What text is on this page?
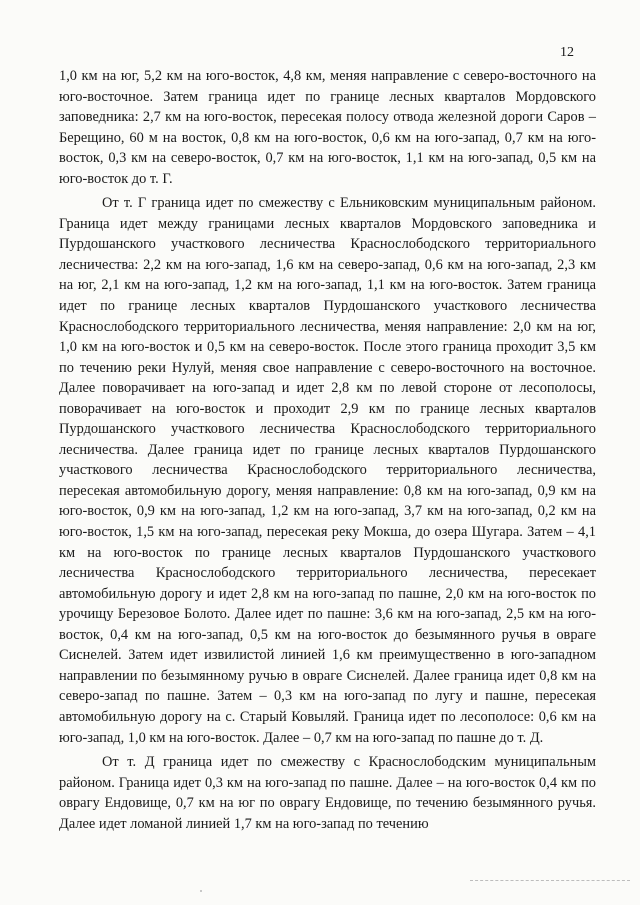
12

1,0 км на юг, 5,2 км на юго-восток, 4,8 км, меняя направление с северо-восточного на юго-восточное. Затем граница идет по границе лесных кварталов Мордовского заповедника: 2,7 км на юго-восток, пересекая полосу отвода железной дороги Саров – Берещино, 60 м на восток, 0,8 км на юго-восток, 0,6 км на юго-запад, 0,7 км на юго-восток, 0,3 км на северо-восток, 0,7 км на юго-восток, 1,1 км на юго-запад, 0,5 км на юго-восток до т. Г.

От т. Г граница идет по смежеству с Ельниковским муниципальным районом. Граница идет между границами лесных кварталов Мордовского заповедника и Пурдошанского участкового лесничества Краснослободского территориального лесничества: 2,2 км на юго-запад, 1,6 км на северо-запад, 0,6 км на юго-запад, 2,3 км на юг, 2,1 км на юго-запад, 1,2 км на юго-запад, 1,1 км на юго-восток. Затем граница идет по границе лесных кварталов Пурдошанского участкового лесничества Краснослободского территориального лесничества, меняя направление: 2,0 км на юг, 1,0 км на юго-восток и 0,5 км на северо-восток. После этого граница проходит 3,5 км по течению реки Нулуй, меняя свое направление с северо-восточного на восточное. Далее поворачивает на юго-запад и идет 2,8 км по левой стороне от лесополосы, поворачивает на юго-восток и проходит 2,9 км по границе лесных кварталов Пурдошанского участкового лесничества Краснослободского территориального лесничества. Далее граница идет по границе лесных кварталов Пурдошанского участкового лесничества Краснослободского территориального лесничества, пересекая автомобильную дорогу, меняя направление: 0,8 км на юго-запад, 0,9 км на юго-восток, 0,9 км на юго-запад, 1,2 км на юго-запад, 3,7 км на юго-запад, 0,2 км на юго-восток, 1,5 км на юго-запад, пересекая реку Мокша, до озера Шугара. Затем – 4,1 км на юго-восток по границе лесных кварталов Пурдошанского участкового лесничества Краснослободского территориального лесничества, пересекает автомобильную дорогу и идет 2,8 км на юго-запад по пашне, 2,0 км на юго-восток по урочищу Березовое Болото. Далее идет по пашне: 3,6 км на юго-запад, 2,5 км на юго-восток, 0,4 км на юго-запад, 0,5 км на юго-восток до безымянного ручья в овраге Сиснелей. Затем идет извилистой линией 1,6 км преимущественно в юго-западном направлении по безымянному ручью в овраге Сиснелей. Далее граница идет 0,8 км на северо-запад по пашне. Затем – 0,3 км на юго-запад по лугу и пашне, пересекая автомобильную дорогу на с. Старый Ковыляй. Граница идет по лесополосе: 0,6 км на юго-запад, 1,0 км на юго-восток. Далее – 0,7 км на юго-запад по пашне до т. Д.

От т. Д граница идет по смежеству с Краснослободским муниципальным районом. Граница идет 0,3 км на юго-запад по пашне. Далее – на юго-восток 0,4 км по оврагу Ендовище, 0,7 км на юг по оврагу Ендовище, по течению безымянного ручья. Далее идет ломаной линией 1,7 км на юго-запад по течению
